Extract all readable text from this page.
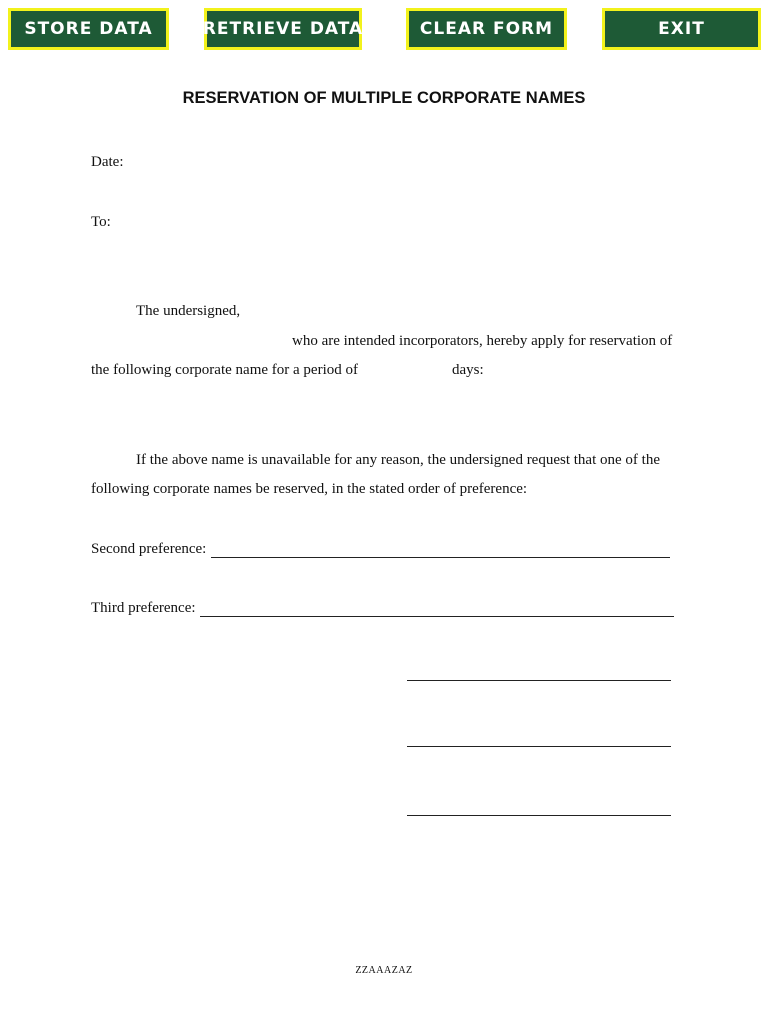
STORE DATA	RETRIEVE DATA	CLEAR FORM	EXIT
RESERVATION OF MULTIPLE CORPORATE NAMES
Date:
To:
The undersigned,
who are intended incorporators, hereby apply for reservation of
the following corporate name for a period of	days:
If the above name is unavailable for any reason, the undersigned request that one of the
following corporate names be reserved, in the stated order of preference:
Second preference:
Third preference:
ZZAAAZAZ
